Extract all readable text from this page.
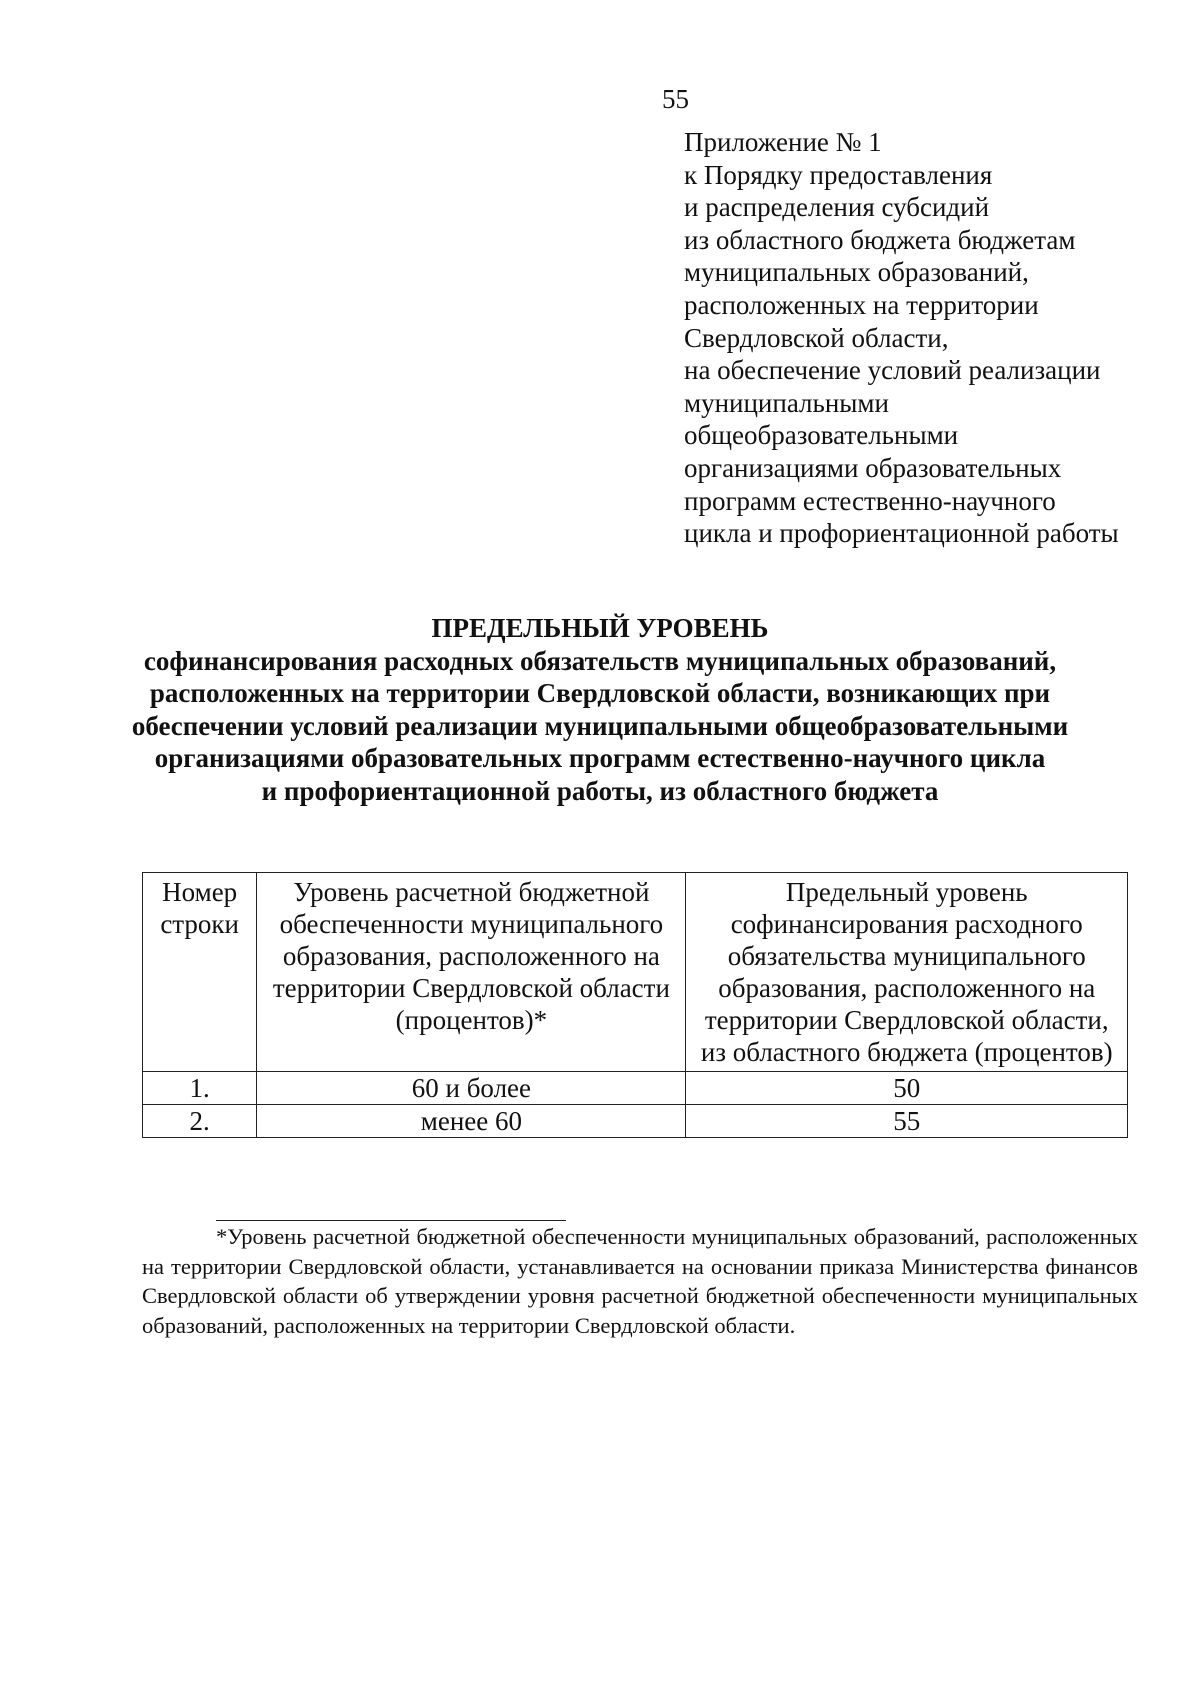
55
Приложение № 1
к Порядку предоставления
и распределения субсидий
из областного бюджета бюджетам
муниципальных образований,
расположенных на территории
Свердловской области,
на обеспечение условий реализации
муниципальными
общеобразовательными
организациями образовательных
программ естественно-научного
цикла и профориентационной работы
ПРЕДЕЛЬНЫЙ УРОВЕНЬ
софинансирования расходных обязательств муниципальных образований,
расположенных на территории Свердловской области, возникающих при
обеспечении условий реализации муниципальными общеобразовательными
организациями образовательных программ естественно-научного цикла
и профориентационной работы, из областного бюджета
Номер строки	Уровень расчетной бюджетной обеспеченности муниципального образования, расположенного на территории Свердловской области (процентов)*	Предельный уровень софинансирования расходного обязательства муниципального образования, расположенного на территории Свердловской области, из областного бюджета (процентов)
1.	60 и более	50
2.	менее 60	55
*Уровень расчетной бюджетной обеспеченности муниципальных образований, расположенных на территории Свердловской области, устанавливается на основании приказа Министерства финансов Свердловской области об утверждении уровня расчетной бюджетной обеспеченности муниципальных образований, расположенных на территории Свердловской области.
